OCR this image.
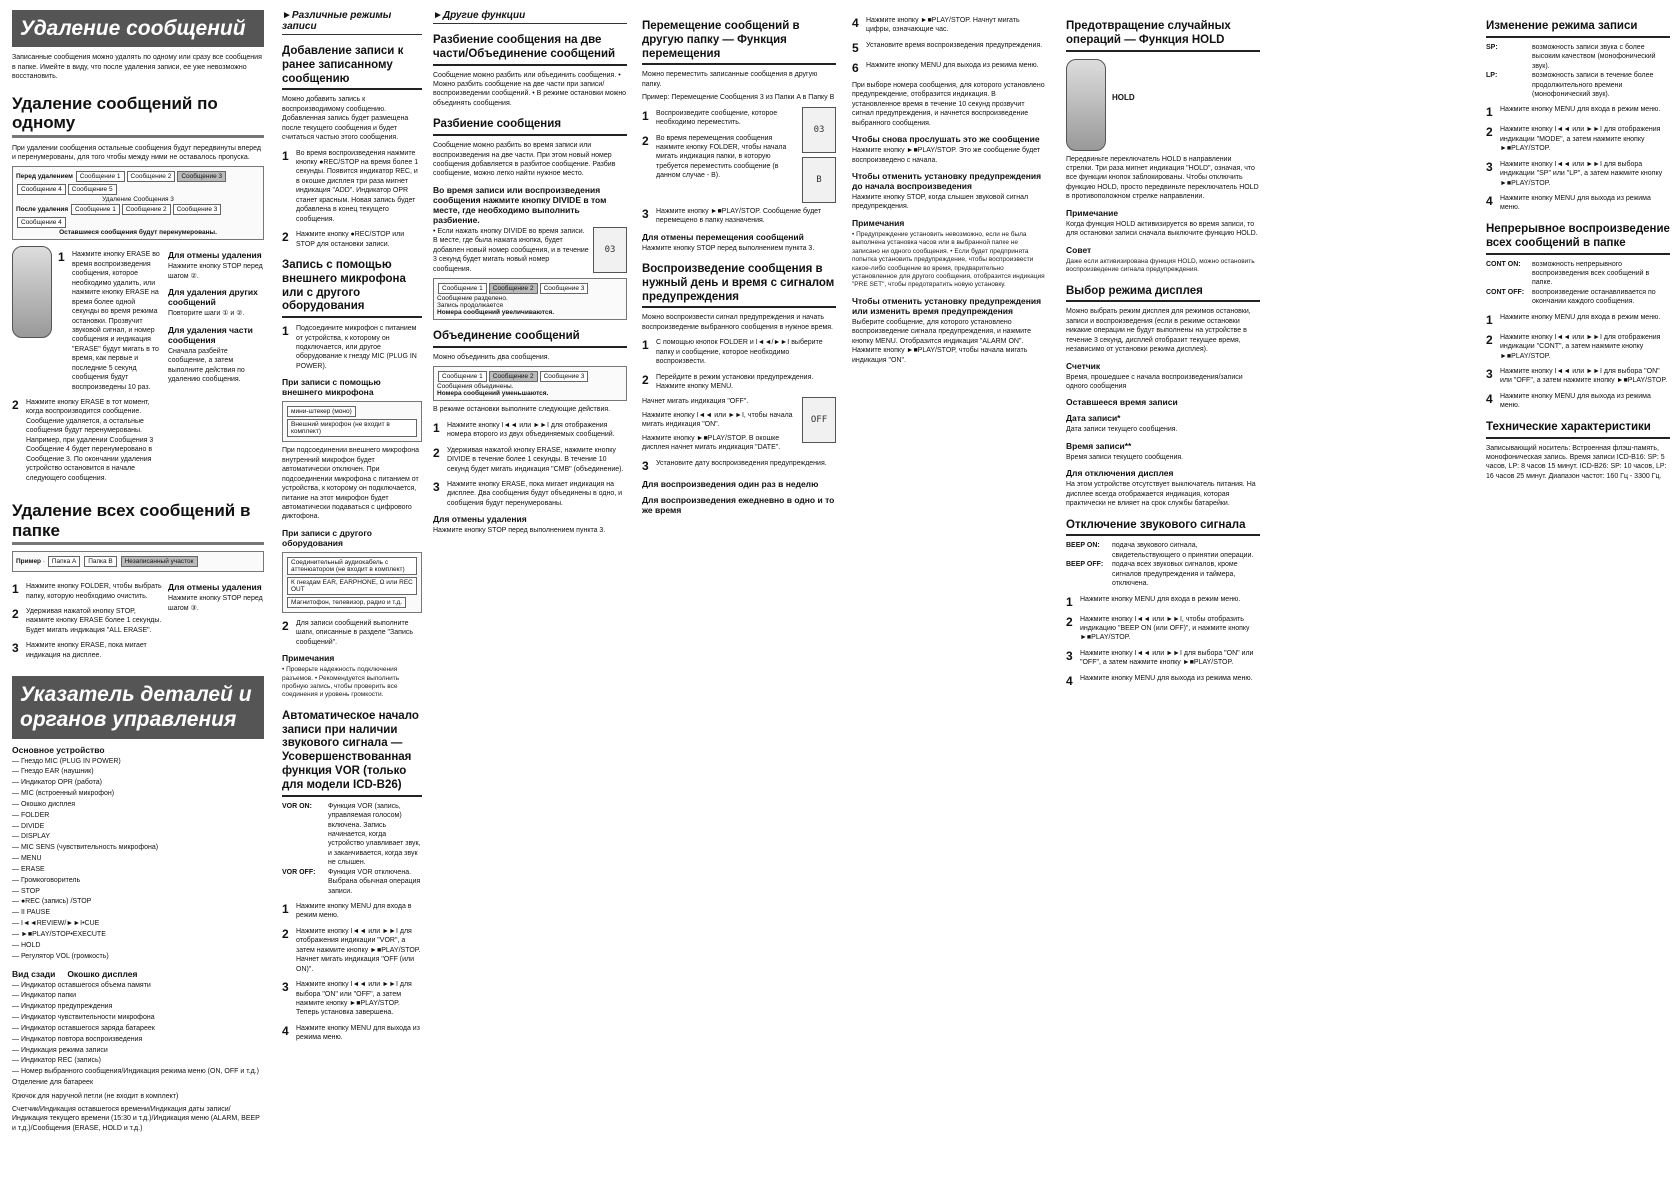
Удаление сообщений

Записанные сообщения можно удалять по одному или сразу все сообщения в папке. Имейте в виду, что после удаления записи, ее уже невозможно восстановить.

Удаление сообщений по одному

При удалении сообщения остальные сообщения будут передвинуты вперед и перенумерованы, для того чтобы между ними не оставалось пропуска.

Перед удалением Сообщение 1 Сообщение 2 Сообщение 3Сообщение 4 Сообщение 5
Удаление Сообщения 3
После удаления Сообщение 1 Сообщение 2 Сообщение 3Сообщение 4
Оставшиеся сообщения будут перенумерованы.
1	Нажмите кнопку ERASE во время воспроизведения сообщения, которое необходимо удалить, или нажмите кнопку ERASE на время более одной секунды во время режима остановки. Прозвучит звуковой сигнал, и номер сообщения и индикация "ERASE" будут мигать в то время, как первые и последние 5 секунд сообщения будут воспроизведены 10 раз.
2	Нажмите кнопку ERASE в тот момент, когда воспроизводится сообщение. Сообщение удаляется, а остальные сообщения будут перенумерованы. Например, при удалении Сообщения 3 Сообщение 4 будет перенумеровано в Сообщение 3. По окончании удаления устройство остановится в начале следующего сообщения.
Для отмены удаления

Нажмите кнопку STOP перед шагом ②.

Для удаления других сообщений

Повторите шаги ① и ②.

Для удаления части сообщения

Сначала разбейте сообщение, а затем выполните действия по удалению сообщения.

Удаление всех сообщений в папке
Пример · Папка A Папка B Незаписанный участок
1	Нажмите кнопку FOLDER, чтобы выбрать папку, которую необходимо очистить.
2	Удерживая нажатой кнопку STOP, нажмите кнопку ERASE более 1 секунды. Будет мигать индикация "ALL ERASE".
3	Нажмите кнопку ERASE, пока мигает индикация на дисплее.
Для отмены удаления

Нажмите кнопку STOP перед шагом ③.

Указатель деталей и органов управления
Основное устройство
— Гнездо MIC (PLUG IN POWER)
— Гнездо EAR (наушник)
— Индикатор OPR (работа)
— MIC (встроенный микрофон)
— Окошко дисплея
— FOLDER
— DIVIDE
— DISPLAY
— MIC SENS (чувствительность микрофона)
— MENU
— ERASE
— Громкоговоритель
— STOP
— ●REC (запись) /STOP
— II PAUSE
— I◄◄REVIEW/►►I•CUE
— ►■PLAY/STOP•EXECUTE
— HOLD
— Регулятор VOL (громкость)
Вид сзади Окошко дисплея
— Индикатор оставшегося объема памяти
— Индикатор папки
— Индикатор предупреждения
— Индикатор чувствительности микрофона
— Индикатор оставшегося заряда батареек
— Индикатор повтора воспроизведения
— Индикация режима записи
— Индикатор REC (запись)
— Номер выбранного сообщения/Индикация режима меню (ON, OFF и т.д.)

Отделение для батареек

Крючок для наручной петли (не входит в комплект)

Счетчик/Индикация оставшегося времени/Индикация даты записи/Индикация текущего времени (15:30 и т.д.)/Индикация меню (ALARM, BEEP и т.д.)/Сообщения (ERASE, HOLD и т.д.)

►Различные режимы записи
Добавление записи к ранее записанному сообщению

Можно добавить запись к воспроизводимому сообщению. Добавленная запись будет размещена после текущего сообщения и будет считаться частью этого сообщения.

1	Во время воспроизведения нажмите кнопку ●REC/STOP на время более 1 секунды. Появится индикатор REC, и в окошке дисплея три раза мигнет индикация "ADD". Индикатор OPR станет красным. Новая запись будет добавлена в конец текущего сообщения.
2	Нажмите кнопку ●REC/STOP или STOP для остановки записи.
Запись с помощью внешнего микрофона или с другого оборудования
1	Подсоедините микрофон с питанием от устройства, к которому он подключается, или другое оборудование к гнезду MIC (PLUG IN POWER).
При записи с помощью внешнего микрофона
мини-штекер (моно) Внешний микрофон (не входит в комплект)

При подсоединении внешнего микрофона внутренний микрофон будет автоматически отключен. При подсоединении микрофона с питанием от устройства, к которому он подключается, питание на этот микрофон будет автоматически подаваться с цифрового диктофона.

При записи с другого оборудования
Соединительный аудиокабель с аттенюатором (не входит в комплект) К гнездам EAR, EARPHONE, Ω или REC OUT Магнитофон, телевизор, радио и т.д.
2	Для записи сообщений выполните шаги, описанные в разделе "Запись сообщений".
Примечания

• Проверьте надежность подключения разъемов. • Рекомендуется выполнить пробную запись, чтобы проверить все соединения и уровень громкости.

Автоматическое начало записи при наличии звукового сигнала — Усовершенствованная функция VOR (только для модели ICD-B26)
VOR ON:	Функция VOR (запись, управляемая голосом) включена. Запись начинается, когда устройство улавливает звук, и заканчивается, когда звук не слышен.
VOR OFF:	Функция VOR отключена. Выбрана обычная операция записи.
1	Нажмите кнопку MENU для входа в режим меню.
2	Нажмите кнопку I◄◄ или ►►I для отображения индикации "VOR", а затем нажмите кнопку ►■PLAY/STOP. Начнет мигать индикация "OFF (или ON)".
3	Нажмите кнопку I◄◄ или ►►I для выбора "ON" или "OFF", а затем нажмите кнопку ►■PLAY/STOP. Теперь установка завершена.
4	Нажмите кнопку MENU для выхода из режима меню.
►Другие функции
Разбиение сообщения на две части/Объединение сообщений

Сообщение можно разбить или объединить сообщения. • Можно разбить сообщение на две части при записи/воспроизведении сообщений. • В режиме остановки можно объединять сообщения.

Разбиение сообщения

Сообщение можно разбить во время записи или воспроизведения на две части. При этом новый номер сообщения добавляется в разбитое сообщение. Разбив сообщение, можно легко найти нужное место.

Во время записи или воспроизведения сообщения нажмите кнопку DIVIDE в том месте, где необходимо выполнить разбиение.
03

• Если нажать кнопку DIVIDE во время записи. В месте, где была нажата кнопка, будет добавлен новый номер сообщения, и в течение 3 секунд будет мигать новый номер сообщения.

Сообщение 1 Сообщение 2 Сообщение 3
Сообщение разделено.
Запись продолжается
Номера сообщений увеличиваются.
Объединение сообщений

Можно объединить два сообщения.

Сообщение 1 Сообщение 2 Сообщение 3
Сообщения объединены.
Номера сообщений уменьшаются.

В режиме остановки выполните следующие действия.

1	Нажмите кнопку I◄◄ или ►►I для отображения номера второго из двух объединяемых сообщений.
2	Удерживая нажатой кнопку ERASE, нажмите кнопку DIVIDE в течение более 1 секунды. В течение 10 секунд будет мигать индикация "CMB" (объединение).
3	Нажмите кнопку ERASE, пока мигает индикация на дисплее. Два сообщения будут объединены в одно, и сообщения будут перенумерованы.
Для отмены удаления

Нажмите кнопку STOP перед выполнением пункта 3.

Перемещение сообщений в другую папку — Функция перемещения

Можно переместить записанные сообщения в другую папку.

Пример: Перемещение Сообщения 3 из Папки A в Папку B

03
1	Воспроизведите сообщение, которое необходимо переместить.
B
2	Во время перемещения сообщения нажмите кнопку FOLDER, чтобы начала мигать индикация папки, в которую требуется переместить сообщение (в данном случае - B).
3	Нажмите кнопку ►■PLAY/STOP. Сообщение будет перемещено в папку назначения.
Для отмены перемещения сообщений

Нажмите кнопку STOP перед выполнением пункта 3.

Воспроизведение сообщения в нужный день и время с сигналом предупреждения

Можно воспроизвести сигнал предупреждения и начать воспроизведение выбранного сообщения в нужное время.

1	С помощью кнопок FOLDER и I◄◄/►►I выберите папку и сообщение, которое необходимо воспроизвести.
2	Перейдите в режим установки предупреждения. Нажмите кнопку MENU.
OFF

Начнет мигать индикация "OFF".

Нажмите кнопку I◄◄ или ►►I, чтобы начала мигать индикация "ON".

Нажмите кнопку ►■PLAY/STOP. В окошке дисплея начнет мигать индикация "DATE".

3	Установите дату воспроизведения предупреждения.
Для воспроизведения один раз в неделю
Для воспроизведения ежедневно в одно и то же время
4	Нажмите кнопку ►■PLAY/STOP. Начнут мигать цифры, означающие час.
5	Установите время воспроизведения предупреждения.
6	Нажмите кнопку MENU для выхода из режима меню.

При выборе номера сообщения, для которого установлено предупреждение, отобразится индикация. В установленное время в течение 10 секунд прозвучит сигнал предупреждения, и начнется воспроизведение выбранного сообщения.

Чтобы снова прослушать это же сообщение

Нажмите кнопку ►■PLAY/STOP. Это же сообщение будет воспроизведено с начала.

Чтобы отменить установку предупреждения до начала воспроизведения

Нажмите кнопку STOP, когда слышен звуковой сигнал предупреждения.

Примечания

• Предупреждение установить невозможно, если не была выполнена установка часов или в выбранной папке не записано ни одного сообщения. • Если будет предпринята попытка установить предупреждение, чтобы воспроизвести какое-либо сообщение во время, предварительно установленное для другого сообщения, отобразится индикация "PRE SET", чтобы предотвратить новую установку.

Чтобы отменить установку предупреждения или изменить время предупреждения

Выберите сообщение, для которого установлено воспроизведение сигнала предупреждения, и нажмите кнопку MENU. Отобразится индикация "ALARM ON". Нажмите кнопку ►■PLAY/STOP, чтобы начала мигать индикация "ON".

Предотвращение случайных операций — Функция HOLD
HOLD

Передвиньте переключатель HOLD в направлении стрелки. Три раза мигнет индикация "HOLD", означая, что все функции кнопок заблокированы. Чтобы отключить функцию HOLD, просто передвиньте переключатель HOLD в противоположном стрелке направлении.

Примечание

Когда функция HOLD активизируется во время записи, то для остановки записи сначала выключите функцию HOLD.

Совет

Даже если активизирована функция HOLD, можно остановить воспроизведение сигнала предупреждения.

Выбор режима дисплея

Можно выбрать режим дисплея для режимов остановки, записи и воспроизведения (если в режиме остановки никакие операции не будут выполнены на устройстве в течение 3 секунд, дисплей отобразит текущее время, независимо от установки режима дисплея).

Счетчик

Время, прошедшее с начала воспроизведения/записи одного сообщения

Оставшееся время записи
Дата записи*

Дата записи текущего сообщения.

Время записи**

Время записи текущего сообщения.

Для отключения дисплея

На этом устройстве отсутствует выключатель питания. На дисплее всегда отображается индикация, которая практически не влияет на срок службы батарейки.

Отключение звукового сигнала
BEEP ON:	подача звукового сигнала, свидетельствующего о принятии операции.
BEEP OFF:	подача всех звуковых сигналов, кроме сигналов предупреждения и таймера, отключена.
1	Нажмите кнопку MENU для входа в режим меню.
2	Нажмите кнопку I◄◄ или ►►I, чтобы отобразить индикацию "BEEP ON (или OFF)", и нажмите кнопку ►■PLAY/STOP.
3	Нажмите кнопку I◄◄ или ►►I для выбора "ON" или "OFF", а затем нажмите кнопку ►■PLAY/STOP.
4	Нажмите кнопку MENU для выхода из режима меню.
Изменение режима записи
SP:	возможность записи звука с более высоким качеством (монофонический звук).
LP:	возможность записи в течение более продолжительного времени (монофонический звук).
1	Нажмите кнопку MENU для входа в режим меню.
2	Нажмите кнопку I◄◄ или ►►I для отображения индикации "MODE", а затем нажмите кнопку ►■PLAY/STOP.
3	Нажмите кнопку I◄◄ или ►►I для выбора индикации "SP" или "LP", а затем нажмите кнопку ►■PLAY/STOP.
4	Нажмите кнопку MENU для выхода из режима меню.
Непрерывное воспроизведение всех сообщений в папке
CONT ON:	возможность непрерывного воспроизведения всех сообщений в папке.
CONT OFF:	воспроизведение останавливается по окончании каждого сообщения.
1	Нажмите кнопку MENU для входа в режим меню.
2	Нажмите кнопку I◄◄ или ►►I для отображения индикации "CONT", а затем нажмите кнопку ►■PLAY/STOP.
3	Нажмите кнопку I◄◄ или ►►I для выбора "ON" или "OFF", а затем нажмите кнопку ►■PLAY/STOP.
4	Нажмите кнопку MENU для выхода из режима меню.
Технические характеристики

Записывающий носитель: Встроенная флэш-память, монофоническая запись. Время записи ICD-B16: SP: 5 часов, LP: 8 часов 15 минут. ICD-B26: SP: 10 часов, LP: 16 часов 25 минут. Диапазон частот: 160 Гц - 3300 Гц.
